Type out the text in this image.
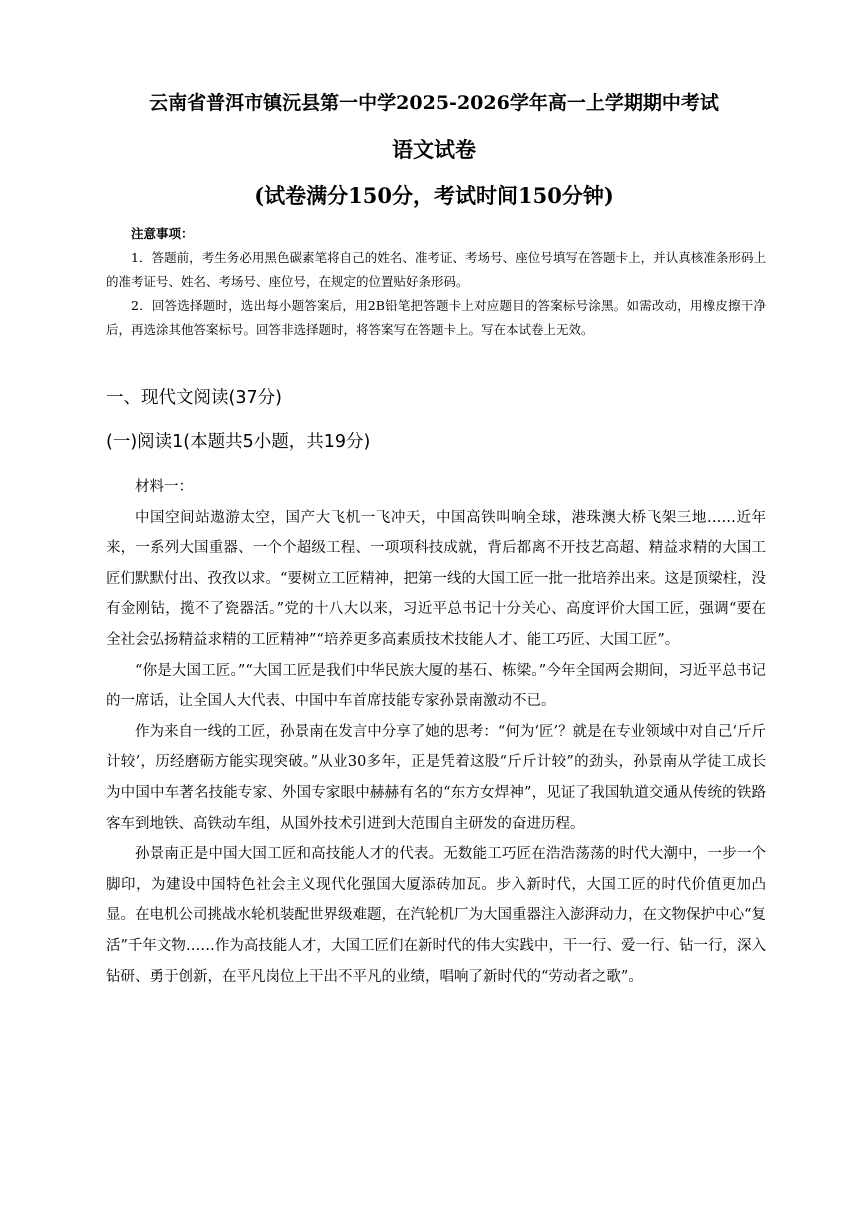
云南省普洱市镇沅县第一中学2025-2026学年高一上学期期中考试
语文试卷
(试卷满分150分，考试时间150分钟)

注意事项：

1．答题前，考生务必用黑色碳素笔将自己的姓名、准考证、考场号、座位号填写在答题卡上，并认真核准条形码上的准考证号、姓名、考场号、座位号，在规定的位置贴好条形码。

2．回答选择题时，选出每小题答案后，用2B铅笔把答题卡上对应题目的答案标号涂黑。如需改动，用橡皮擦干净后，再选涂其他答案标号。回答非选择题时，将答案写在答题卡上。写在本试卷上无效。

一、现代文阅读(37分)
(一)阅读1(本题共5小题，共19分)

材料一：

中国空间站遨游太空，国产大飞机一飞冲天，中国高铁叫响全球，港珠澳大桥飞架三地……近年来，一系列大国重器、一个个超级工程、一项项科技成就，背后都离不开技艺高超、精益求精的大国工匠们默默付出、孜孜以求。“要树立工匠精神，把第一线的大国工匠一批一批培养出来。这是顶梁柱，没有金刚钻，揽不了瓷器活。”党的十八大以来，习近平总书记十分关心、高度评价大国工匠，强调“要在全社会弘扬精益求精的工匠精神”“培养更多高素质技术技能人才、能工巧匠、大国工匠”。

“你是大国工匠。”“大国工匠是我们中华民族大厦的基石、栋梁。”今年全国两会期间，习近平总书记的一席话，让全国人大代表、中国中车首席技能专家孙景南激动不已。

作为来自一线的工匠，孙景南在发言中分享了她的思考：“何为‘匠’？就是在专业领域中对自己‘斤斤计较’，历经磨砺方能实现突破。”从业30多年，正是凭着这股“斤斤计较”的劲头，孙景南从学徒工成长为中国中车著名技能专家、外国专家眼中赫赫有名的“东方女焊神”，见证了我国轨道交通从传统的铁路客车到地铁、高铁动车组，从国外技术引进到大范围自主研发的奋进历程。

孙景南正是中国大国工匠和高技能人才的代表。无数能工巧匠在浩浩荡荡的时代大潮中，一步一个脚印，为建设中国特色社会主义现代化强国大厦添砖加瓦。步入新时代，大国工匠的时代价值更加凸显。在电机公司挑战水轮机装配世界级难题，在汽轮机厂为大国重器注入澎湃动力，在文物保护中心“复活”千年文物……作为高技能人才，大国工匠们在新时代的伟大实践中，干一行、爱一行、钻一行，深入钻研、勇于创新，在平凡岗位上干出不平凡的业绩，唱响了新时代的“劳动者之歌”。
